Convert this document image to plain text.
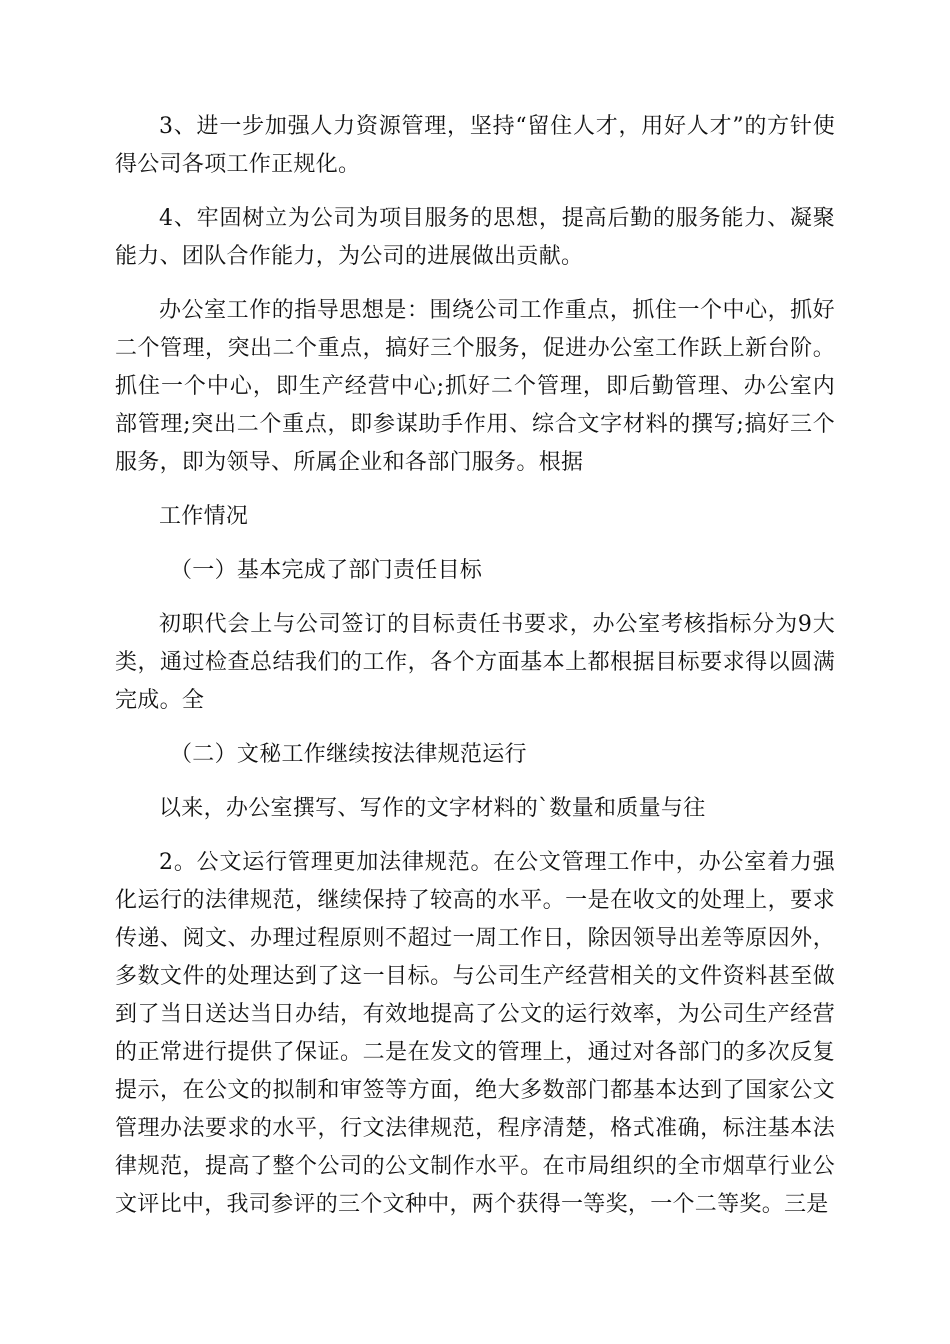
3、进一步加强人力资源管理，坚持“留住人才，用好人才”的方针使得公司各项工作正规化。

4、牢固树立为公司为项目服务的思想，提高后勤的服务能力、凝聚能力、团队合作能力，为公司的进展做出贡献。

办公室工作的指导思想是：围绕公司工作重点，抓住一个中心，抓好二个管理，突出二个重点，搞好三个服务，促进办公室工作跃上新台阶。抓住一个中心，即生产经营中心;抓好二个管理，即后勤管理、办公室内部管理;突出二个重点，即参谋助手作用、综合文字材料的撰写;搞好三个服务，即为领导、所属企业和各部门服务。根据

工作情况

（一）基本完成了部门责任目标

初职代会上与公司签订的目标责任书要求，办公室考核指标分为9大类，通过检查总结我们的工作，各个方面基本上都根据目标要求得以圆满完成。全

（二）文秘工作继续按法律规范运行

以来，办公室撰写、写作的文字材料的`数量和质量与往

2。公文运行管理更加法律规范。在公文管理工作中，办公室着力强化运行的法律规范，继续保持了较高的水平。一是在收文的处理上，要求传递、阅文、办理过程原则不超过一周工作日，除因领导出差等原因外，多数文件的处理达到了这一目标。与公司生产经营相关的文件资料甚至做到了当日送达当日办结，有效地提高了公文的运行效率，为公司生产经营的正常进行提供了保证。二是在发文的管理上，通过对各部门的多次反复提示，在公文的拟制和审签等方面，绝大多数部门都基本达到了国家公文管理办法要求的水平，行文法律规范，程序清楚，格式准确，标注基本法律规范，提高了整个公司的公文制作水平。在市局组织的全市烟草行业公文评比中，我司参评的三个文种中，两个获得一等奖，一个二等奖。三是
